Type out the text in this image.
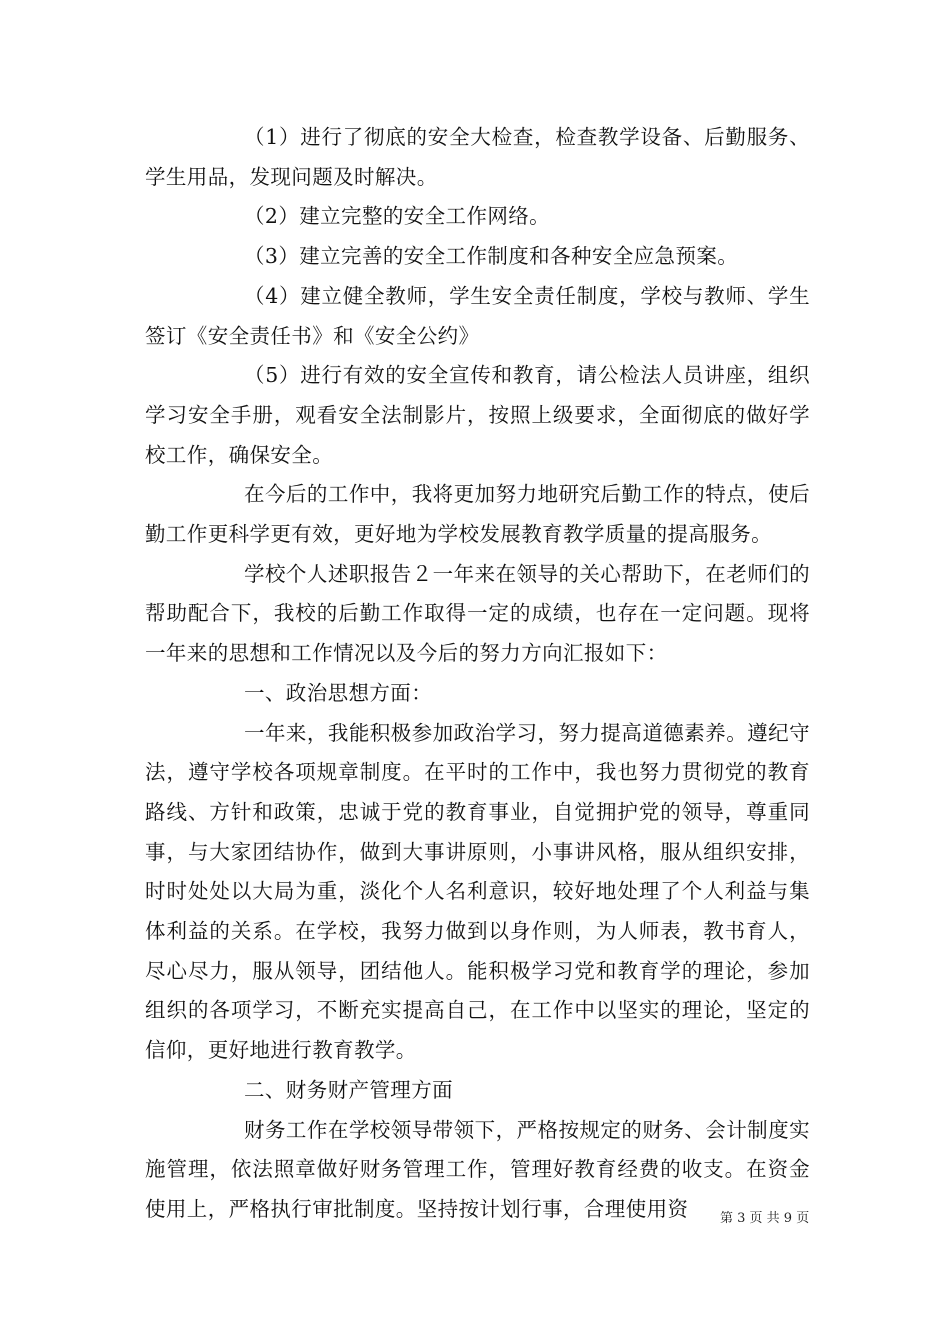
（1）进行了彻底的安全大检查，检查教学设备、后勤服务、学生用品，发现问题及时解决。

（2）建立完整的安全工作网络。

（3）建立完善的安全工作制度和各种安全应急预案。

（4）建立健全教师，学生安全责任制度，学校与教师、学生签订《安全责任书》和《安全公约》

（5）进行有效的安全宣传和教育，请公检法人员讲座，组织学习安全手册，观看安全法制影片，按照上级要求，全面彻底的做好学校工作，确保安全。

在今后的工作中，我将更加努力地研究后勤工作的特点，使后勤工作更科学更有效，更好地为学校发展教育教学质量的提高服务。

学校个人述职报告２一年来在领导的关心帮助下，在老师们的帮助配合下，我校的后勤工作取得一定的成绩，也存在一定问题。现将一年来的思想和工作情况以及今后的努力方向汇报如下：

一、政治思想方面：

一年来，我能积极参加政治学习，努力提高道德素养。遵纪守法，遵守学校各项规章制度。在平时的工作中，我也努力贯彻党的教育路线、方针和政策，忠诚于党的教育事业，自觉拥护党的领导，尊重同事，与大家团结协作，做到大事讲原则，小事讲风格，服从组织安排，时时处处以大局为重，淡化个人名利意识，较好地处理了个人利益与集体利益的关系。在学校，我努力做到以身作则，为人师表，教书育人，尽心尽力，服从领导，团结他人。能积极学习党和教育学的理论，参加组织的各项学习，不断充实提高自己，在工作中以坚实的理论，坚定的信仰，更好地进行教育教学。

二、财务财产管理方面

财务工作在学校领导带领下，严格按规定的财务、会计制度实施管理，依法照章做好财务管理工作，管理好教育经费的收支。在资金使用上，严格执行审批制度。坚持按计划行事，合理使用资	第 3 页 共 9 页
